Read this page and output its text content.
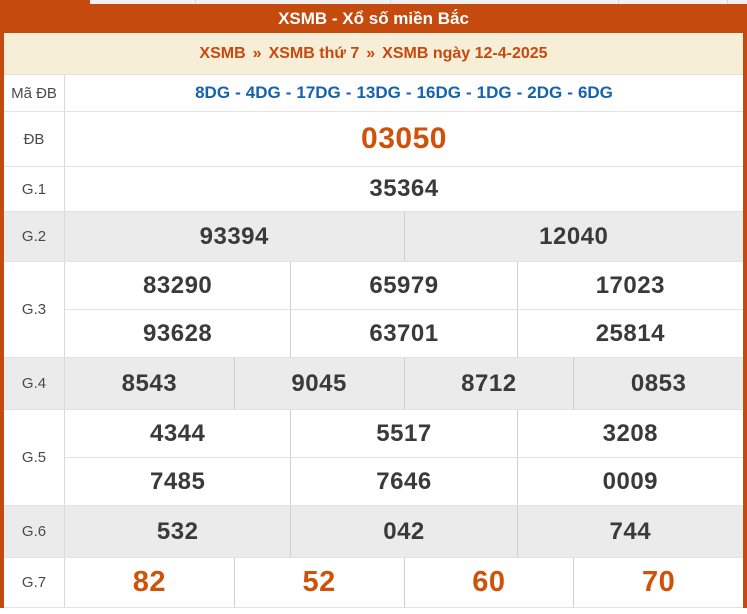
XSMB - Xổ số miền Bắc
XSMB » XSMB thứ 7 » XSMB ngày 12-4-2025
Mã ĐB	8DG - 4DG - 17DG - 13DG - 16DG - 1DG - 2DG - 6DG
ĐB	03050
G.1	35364
G.2	93394	12040
G.3
83290	65979	17023
93628	63701	25814
G.4	8543	9045	8712	0853
G.5
4344	5517	3208
7485	7646	0009
G.6	532	042	744
G.7	82	52	60	70
